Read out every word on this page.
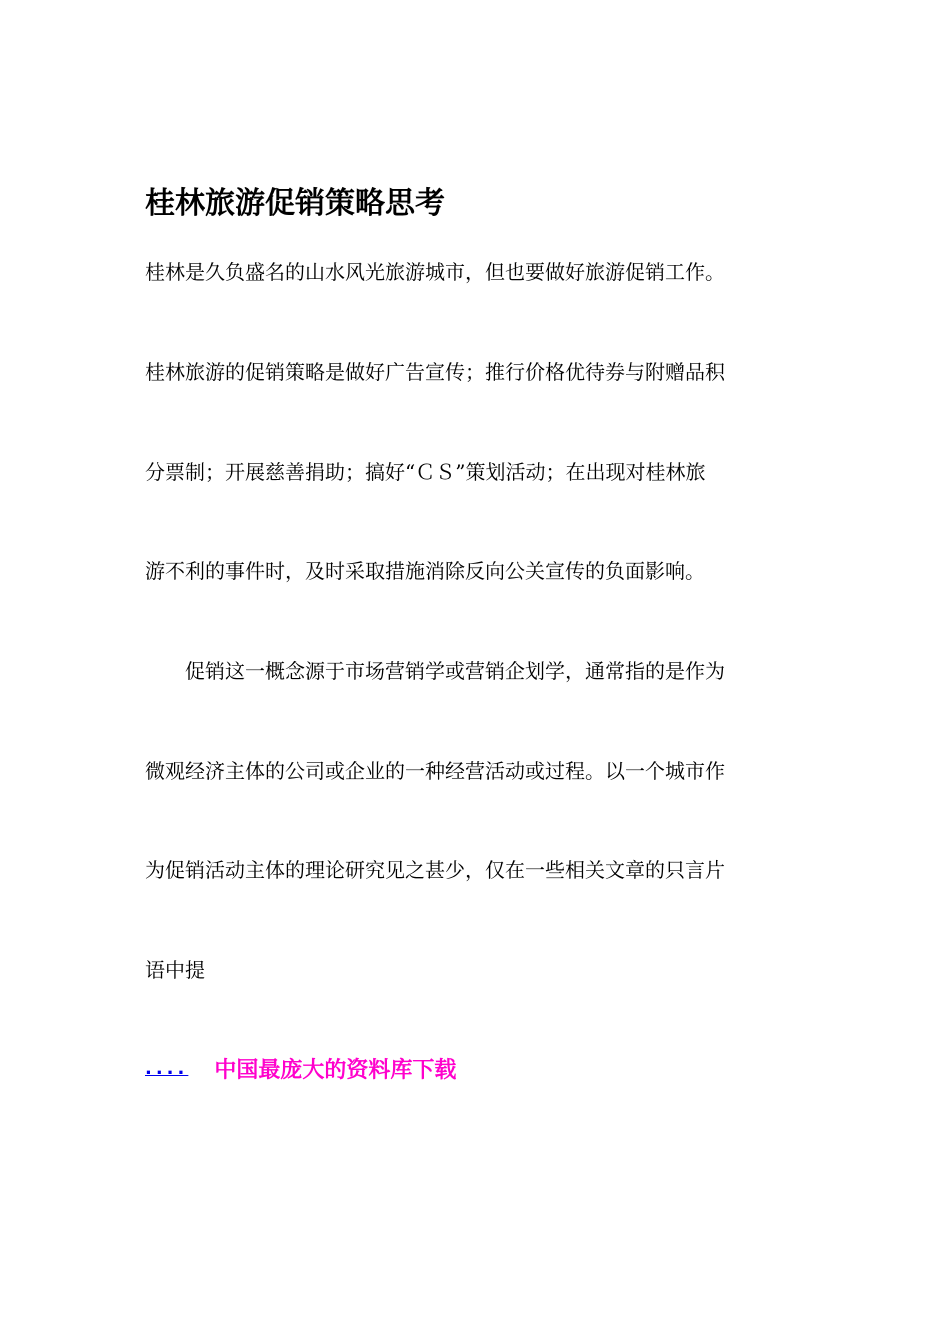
桂林旅游促销策略思考

桂林是久负盛名的山水风光旅游城市，但也要做好旅游促销工作。

桂林旅游的促销策略是做好广告宣传；推行价格优待券与附赠品积

分票制；开展慈善捐助；搞好“ＣＳ”策划活动；在出现对桂林旅

游不利的事件时，及时采取措施消除反向公关宣传的负面影响。

　　促销这一概念源于市场营销学或营销企划学，通常指的是作为

微观经济主体的公司或企业的一种经营活动或过程。以一个城市作

为促销活动主体的理论研究见之甚少，仅在一些相关文章的只言片

语中提

.... 中国最庞大的资料库下载
